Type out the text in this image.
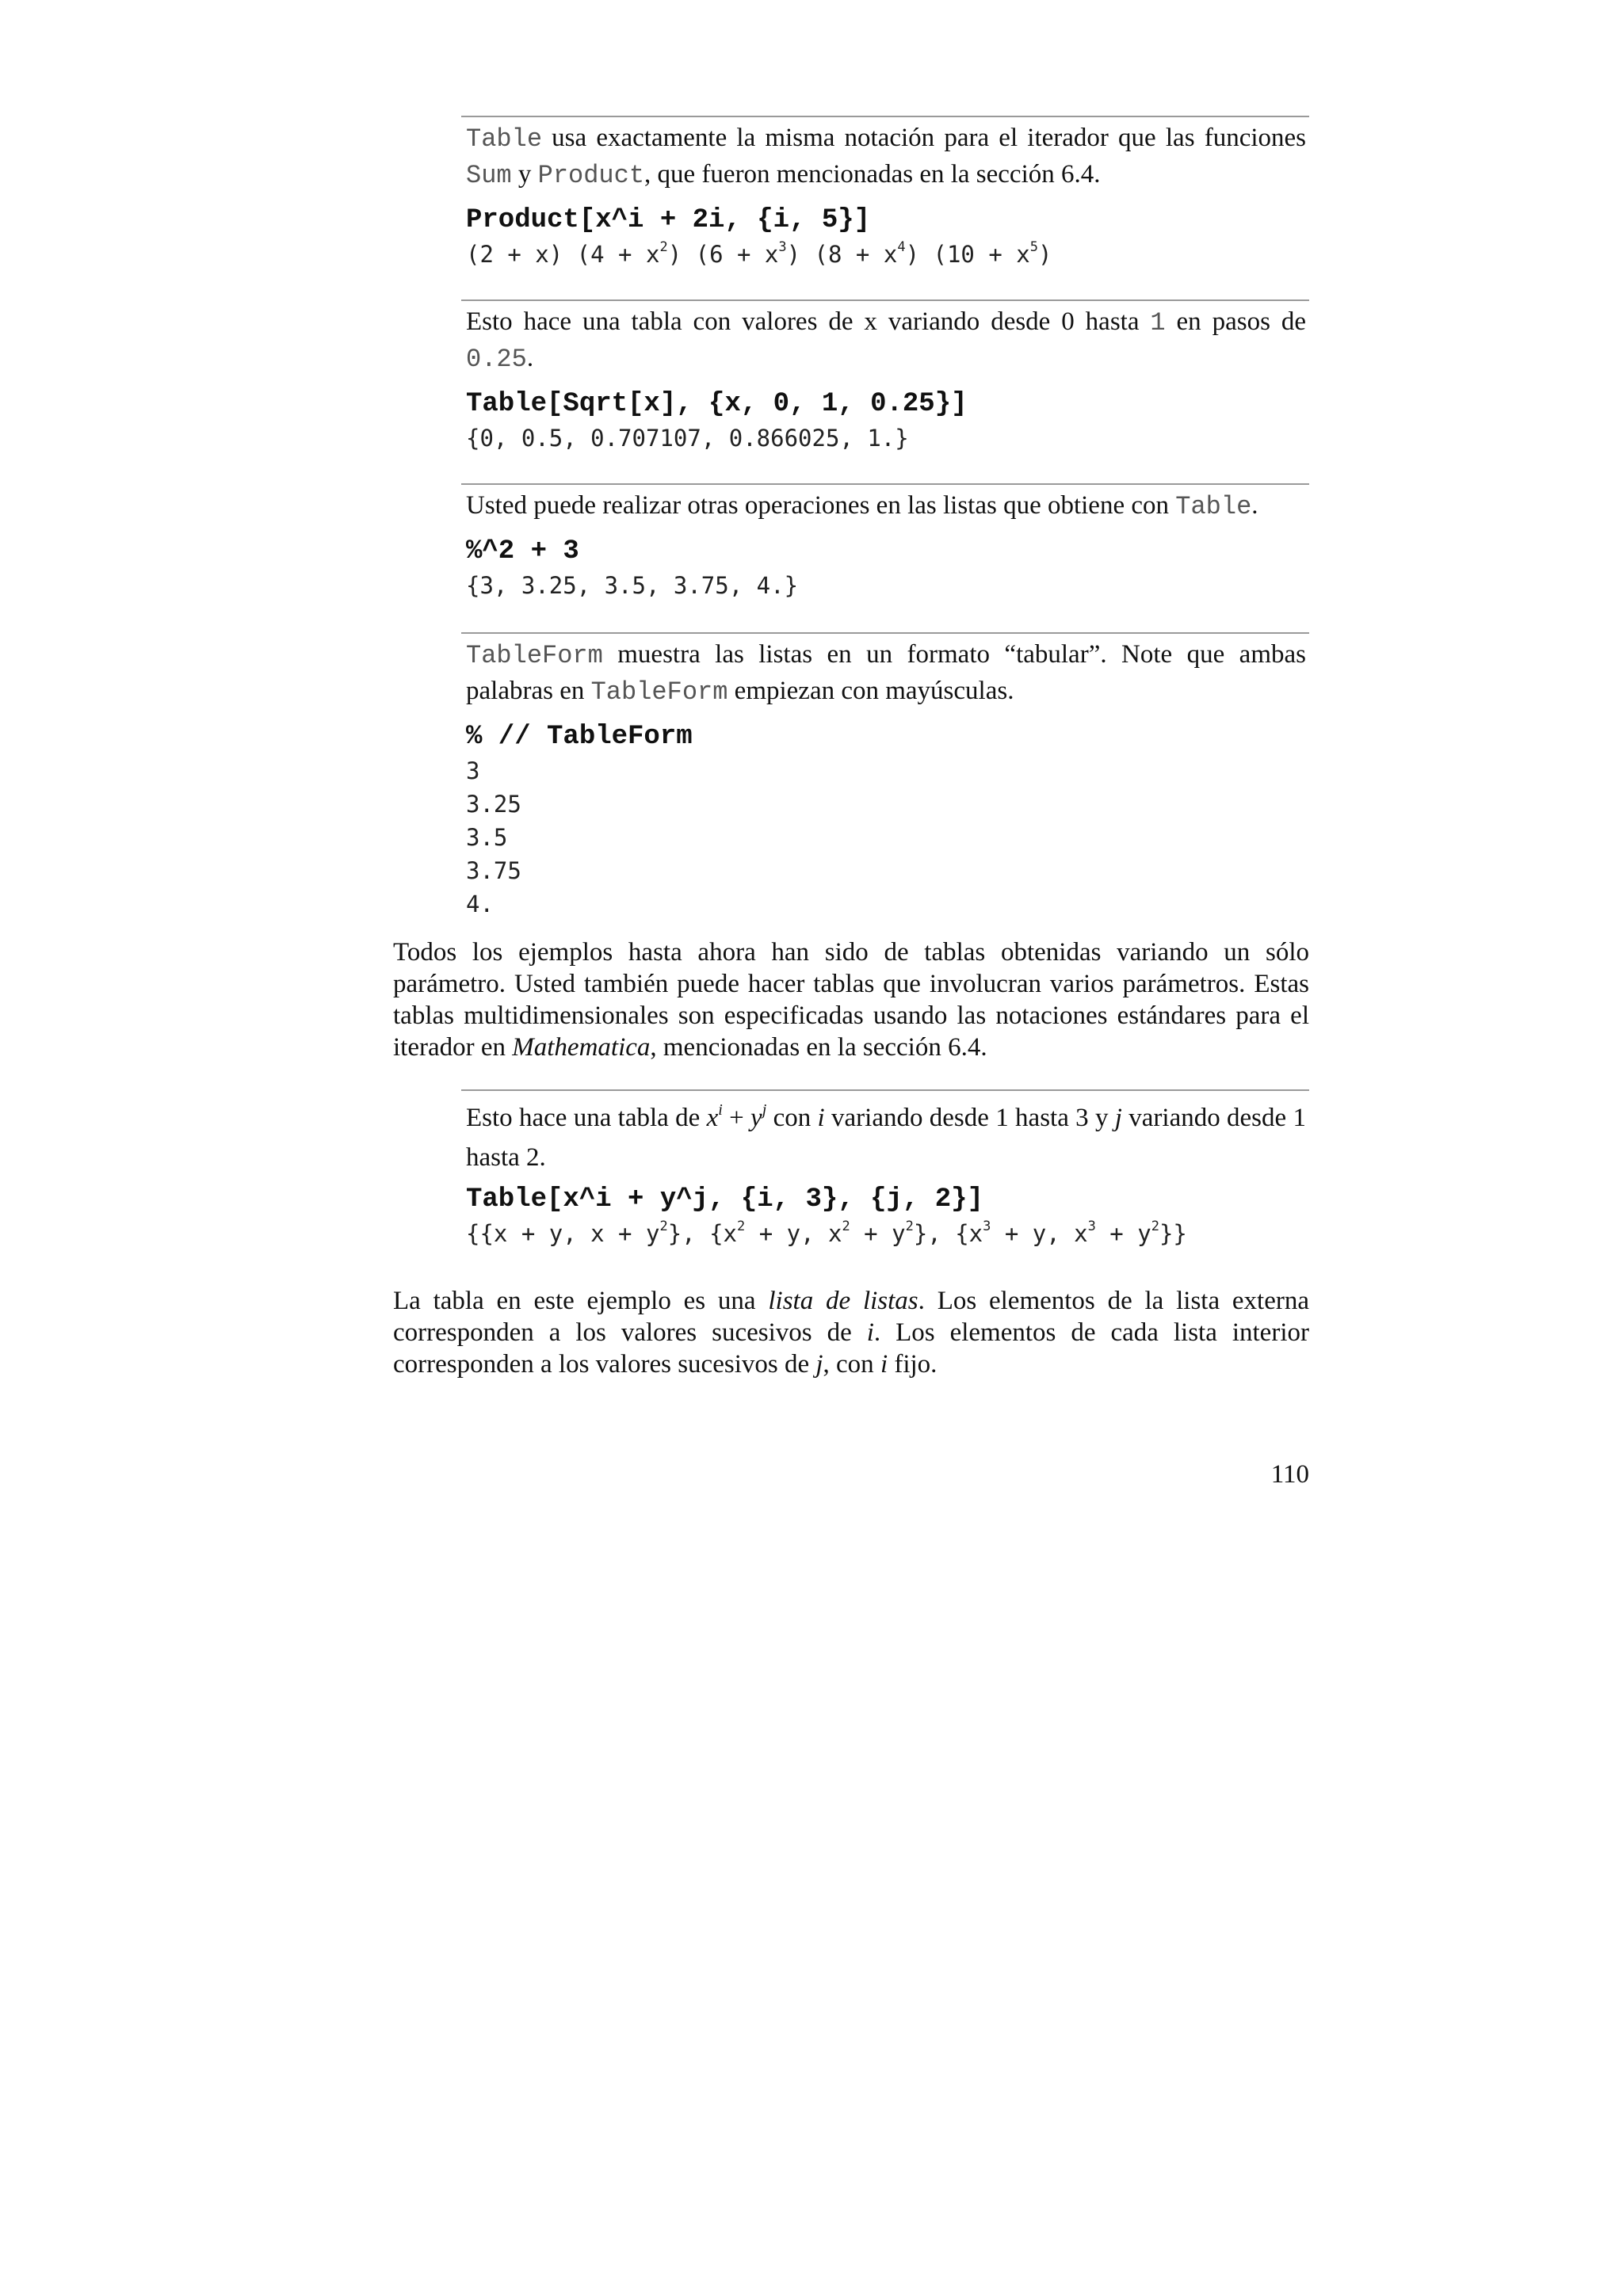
Table usa exactamente la misma notación para el iterador que las funciones Sum y Product, que fueron mencionadas en la sección 6.4.

Product[x^i + 2i, {i, 5}]

(2 + x) $(4 + x^2)$ $(6 + x^3)$ $(8 + x^4)$ $(10 + x^5)$

Esto hace una tabla con valores de x variando desde 0 hasta 1 en pasos de 0.25.

Table[Sqrt[x], {x, 0, 1, 0.25}]

{0, 0.5, 0.707107, 0.866025, 1.}

Usted puede realizar otras operaciones en las listas que obtiene con Table.

%^2 + 3

{3, 3.25, 3.5, 3.75, 4.}

TableForm muestra las listas en un formato “tabular”. Note que ambas palabras en TableForm empiezan con mayúsculas.

% // TableForm

3

3.25

3.5

3.75

4.

Todos los ejemplos hasta ahora han sido de tablas obtenidas variando un sólo parámetro. Usted también puede hacer tablas que involucran varios parámetros. Estas tablas multidimensionales son especificadas usando las notaciones estándares para el iterador en Mathematica, mencionadas en la sección 6.4.

Esto hace una tabla de $x^i + y^j$ con i variando desde 1 hasta 3 y j variando desde 1 hasta 2.

Table[x^i + y^j, {i, 3}, {j, 2}]

{{x + y, $x + y^2$}, {$x^2 + y$, $x^2 + y^2$}, {$x^3 + y$, $x^3 + y^2$}}

La tabla en este ejemplo es una lista de listas. Los elementos de la lista externa corresponden a los valores sucesivos de i. Los elementos de cada lista interior corresponden a los valores sucesivos de j, con i fijo.

110
